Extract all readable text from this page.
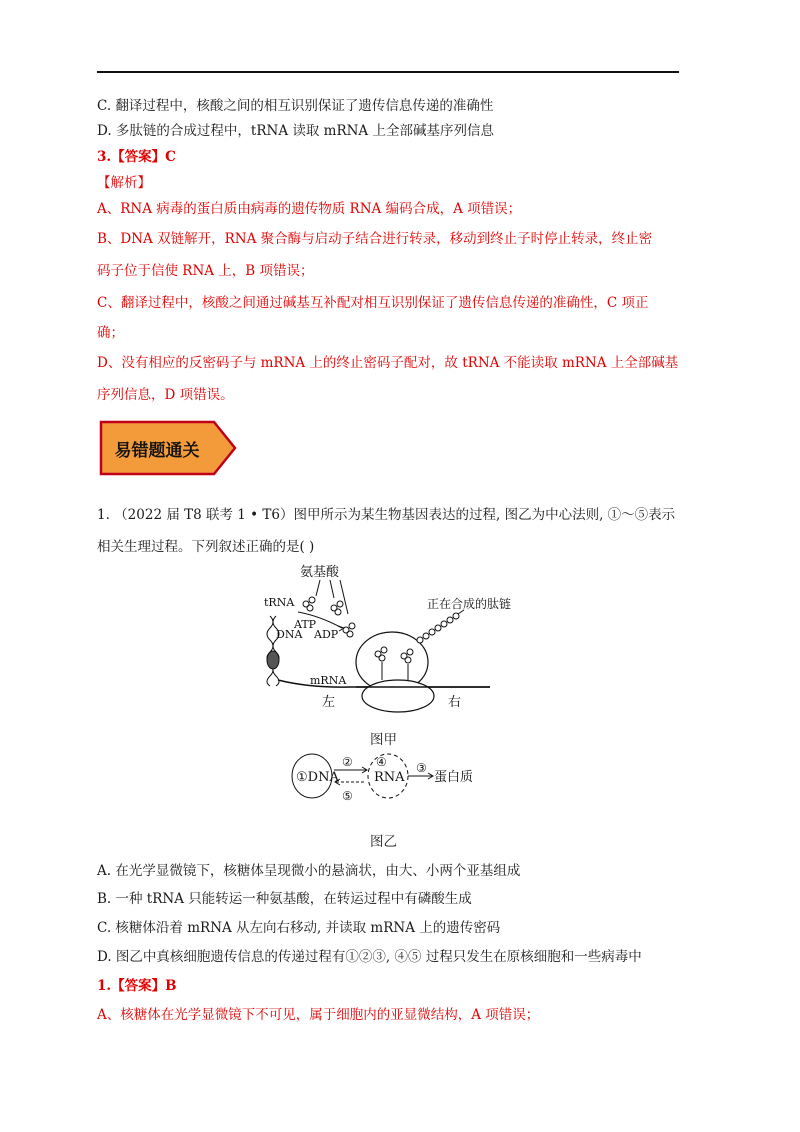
C. 翻译过程中，核酸之间的相互识别保证了遗传信息传递的准确性
D. 多肽链的合成过程中，tRNA 读取 mRNA 上全部碱基序列信息
3.【答案】C
【解析】
A、RNA 病毒的蛋白质由病毒的遗传物质 RNA 编码合成，A 项错误；
B、DNA 双链解开，RNA 聚合酶与启动子结合进行转录，移动到终止子时停止转录，终止密
码子位于信使 RNA 上，B 项错误；
C、翻译过程中，核酸之间通过碱基互补配对相互识别保证了遗传信息传递的准确性，C 项正
确；
D、没有相应的反密码子与 mRNA 上的终止密码子配对，故 tRNA 不能读取 mRNA 上全部碱基
序列信息，D 项错误。
易错题通关
1. （2022 届 T8 联考 1 • T6）图甲所示为某生物基因表达的过程, 图乙为中心法则, ①～⑤表示
相关生理过程。下列叙述正确的是( )
氨基酸
tRNA
ATP
ADP
DNA
正在合成的肽链
mRNA
左	右
图甲
①DNA	RNA 蛋白质
② ④
⑤
③
图乙
A. 在光学显微镜下，核糖体呈现微小的悬滴状，由大、小两个亚基组成
B. 一种 tRNA 只能转运一种氨基酸，在转运过程中有磷酸生成
C. 核糖体沿着 mRNA 从左向右移动, 并读取 mRNA 上的遗传密码
D. 图乙中真核细胞遗传信息的传递过程有①②③, ④⑤ 过程只发生在原核细胞和一些病毒中
1.【答案】B
A、核糖体在光学显微镜下不可见，属于细胞内的亚显微结构，A 项错误；
